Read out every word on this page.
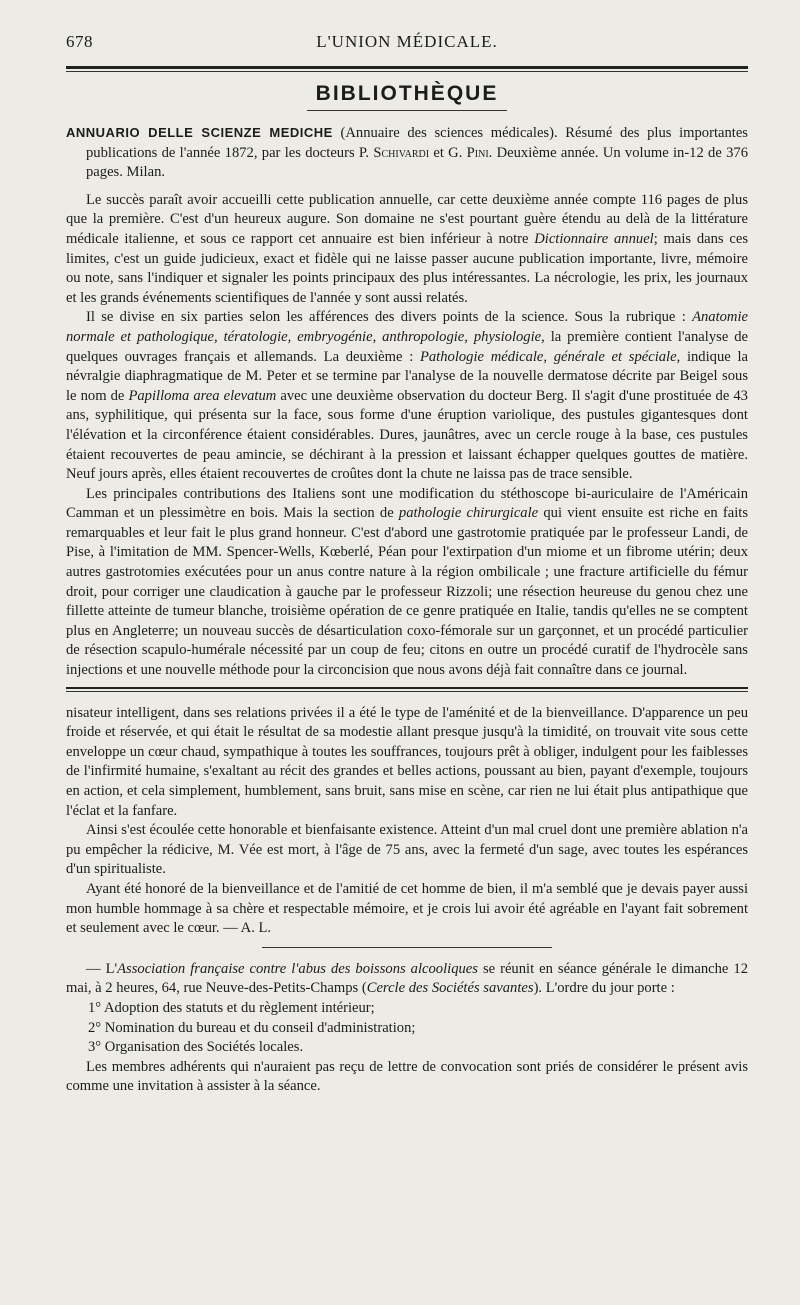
678	L'UNION MÉDICALE.
BIBLIOTHÈQUE

ANNUARIO DELLE SCIENZE MEDICHE (Annuaire des sciences médicales). Résumé des plus importantes publications de l'année 1872, par les docteurs P. Schivardi et G. Pini. Deuxième année. Un volume in-12 de 376 pages. Milan.

Le succès paraît avoir accueilli cette publication annuelle, car cette deuxième année compte 116 pages de plus que la première. C'est d'un heureux augure. Son domaine ne s'est pourtant guère étendu au delà de la littérature médicale italienne, et sous ce rapport cet annuaire est bien inférieur à notre Dictionnaire annuel; mais dans ces limites, c'est un guide judicieux, exact et fidèle qui ne laisse passer aucune publication importante, livre, mémoire ou note, sans l'indiquer et signaler les points principaux des plus intéressantes. La nécrologie, les prix, les journaux et les grands événements scientifiques de l'année y sont aussi relatés.

Il se divise en six parties selon les afférences des divers points de la science. Sous la rubrique : Anatomie normale et pathologique, tératologie, embryogénie, anthropologie, physiologie, la première contient l'analyse de quelques ouvrages français et allemands. La deuxième : Pathologie médicale, générale et spéciale, indique la névralgie diaphragmatique de M. Peter et se termine par l'analyse de la nouvelle dermatose décrite par Beigel sous le nom de Papilloma area elevatum avec une deuxième observation du docteur Berg. Il s'agit d'une prostituée de 43 ans, syphilitique, qui présenta sur la face, sous forme d'une éruption variolique, des pustules gigantesques dont l'élévation et la circonférence étaient considérables. Dures, jaunâtres, avec un cercle rouge à la base, ces pustules étaient recouvertes de peau amincie, se déchirant à la pression et laissant échapper quelques gouttes de matière. Neuf jours après, elles étaient recouvertes de croûtes dont la chute ne laissa pas de trace sensible.

Les principales contributions des Italiens sont une modification du stéthoscope bi-auriculaire de l'Américain Camman et un plessimètre en bois. Mais la section de pathologie chirurgicale qui vient ensuite est riche en faits remarquables et leur fait le plus grand honneur. C'est d'abord une gastrotomie pratiquée par le professeur Landi, de Pise, à l'imitation de MM. Spencer-Wells, Kœberlé, Péan pour l'extirpation d'un miome et un fibrome utérin; deux autres gastrotomies exécutées pour un anus contre nature à la région ombilicale ; une fracture artificielle du fémur droit, pour corriger une claudication à gauche par le professeur Rizzoli; une résection heureuse du genou chez une fillette atteinte de tumeur blanche, troisième opération de ce genre pratiquée en Italie, tandis qu'elles ne se comptent plus en Angleterre; un nouveau succès de désarticulation coxo-fémorale sur un garçonnet, et un procédé particulier de résection scapulo-humérale nécessité par un coup de feu; citons en outre un procédé curatif de l'hydrocèle sans injections et une nouvelle méthode pour la circoncision que nous avons déjà fait connaître dans ce journal.

nisateur intelligent, dans ses relations privées il a été le type de l'aménité et de la bienveillance. D'apparence un peu froide et réservée, et qui était le résultat de sa modestie allant presque jusqu'à la timidité, on trouvait vite sous cette enveloppe un cœur chaud, sympathique à toutes les souffrances, toujours prêt à obliger, indulgent pour les faiblesses de l'infirmité humaine, s'exaltant au récit des grandes et belles actions, poussant au bien, payant d'exemple, toujours en action, et cela simplement, humblement, sans bruit, sans mise en scène, car rien ne lui était plus antipathique que l'éclat et la fanfare.

Ainsi s'est écoulée cette honorable et bienfaisante existence. Atteint d'un mal cruel dont une première ablation n'a pu empêcher la rédicive, M. Vée est mort, à l'âge de 75 ans, avec la fermeté d'un sage, avec toutes les espérances d'un spiritualiste.

Ayant été honoré de la bienveillance et de l'amitié de cet homme de bien, il m'a semblé que je devais payer aussi mon humble hommage à sa chère et respectable mémoire, et je crois lui avoir été agréable en l'ayant fait sobrement et seulement avec le cœur. — A. L.

— L'Association française contre l'abus des boissons alcooliques se réunit en séance générale le dimanche 12 mai, à 2 heures, 64, rue Neuve-des-Petits-Champs (Cercle des Sociétés savantes). L'ordre du jour porte :

1° Adoption des statuts et du règlement intérieur;
2° Nomination du bureau et du conseil d'administration;
3° Organisation des Sociétés locales.

Les membres adhérents qui n'auraient pas reçu de lettre de convocation sont priés de considérer le présent avis comme une invitation à assister à la séance.
